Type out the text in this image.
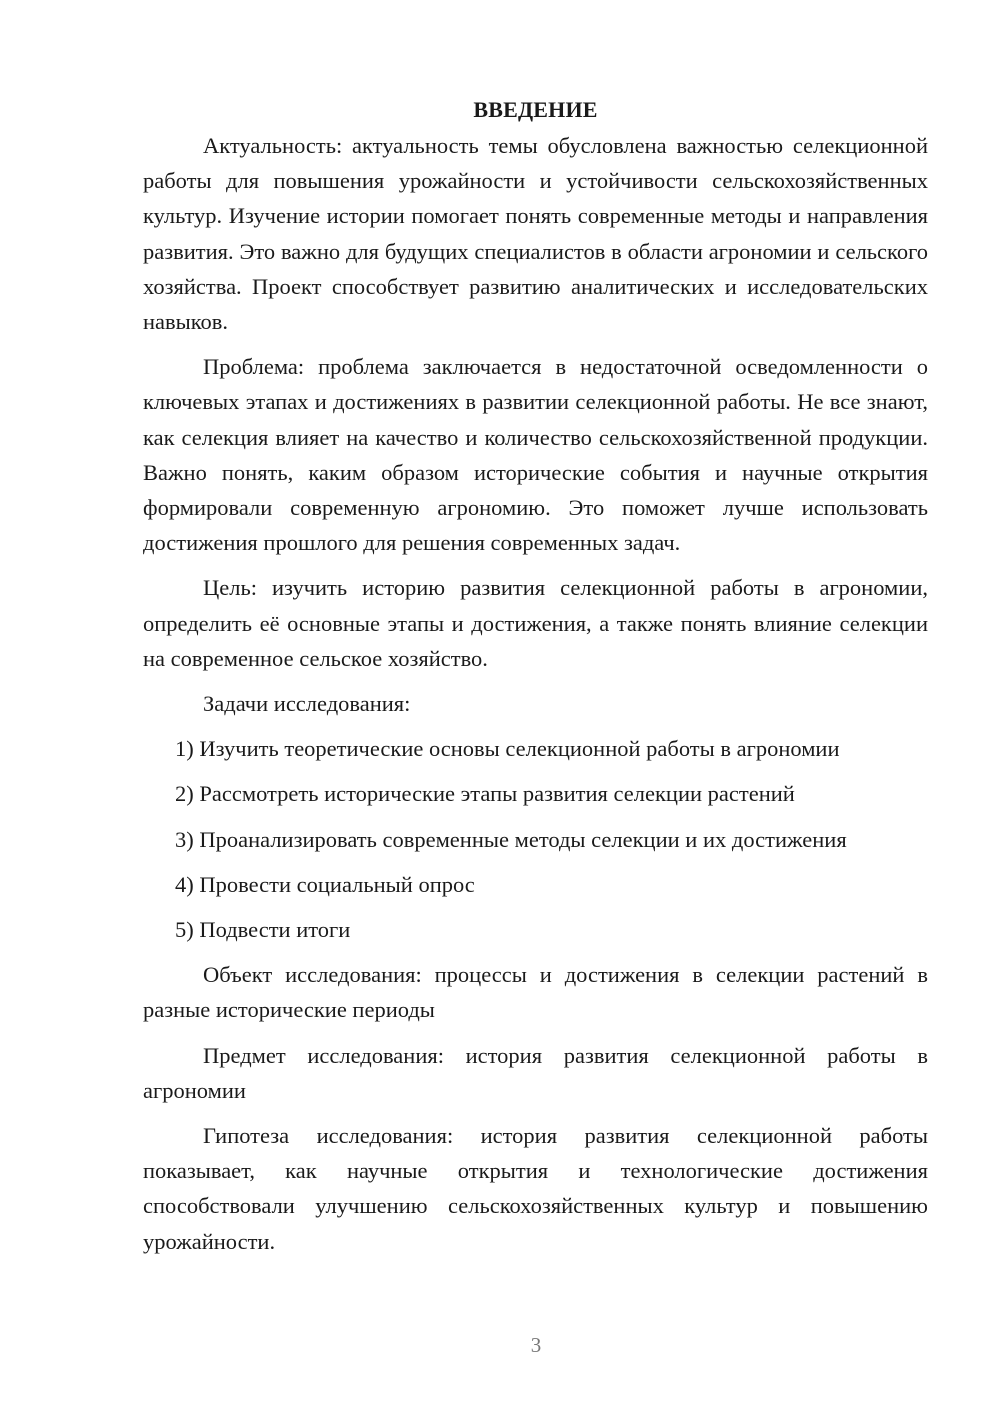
ВВЕДЕНИЕ

Актуальность: актуальность темы обусловлена важностью селекционной работы для повышения урожайности и устойчивости сельскохозяйственных культур. Изучение истории помогает понять современные методы и направления развития. Это важно для будущих специалистов в области агрономии и сельского хозяйства. Проект способствует развитию аналитических и исследовательских навыков.

Проблема: проблема заключается в недостаточной осведомленности о ключевых этапах и достижениях в развитии селекционной работы. Не все знают, как селекция влияет на качество и количество сельскохозяйственной продукции. Важно понять, каким образом исторические события и научные открытия формировали современную агрономию. Это поможет лучше использовать достижения прошлого для решения современных задач.

Цель: изучить историю развития селекционной работы в агрономии, определить её основные этапы и достижения, а также понять влияние селекции на современное сельское хозяйство.

Задачи исследования:

1) Изучить теоретические основы селекционной работы в агрономии
2) Рассмотреть исторические этапы развития селекции растений
3) Проанализировать современные методы селекции и их достижения
4) Провести социальный опрос
5) Подвести итоги

Объект исследования: процессы и достижения в селекции растений в разные исторические периоды

Предмет исследования: история развития селекционной работы в агрономии

Гипотеза исследования: история развития селекционной работы показывает, как научные открытия и технологические достижения способствовали улучшению сельскохозяйственных культур и повышению урожайности.

3
